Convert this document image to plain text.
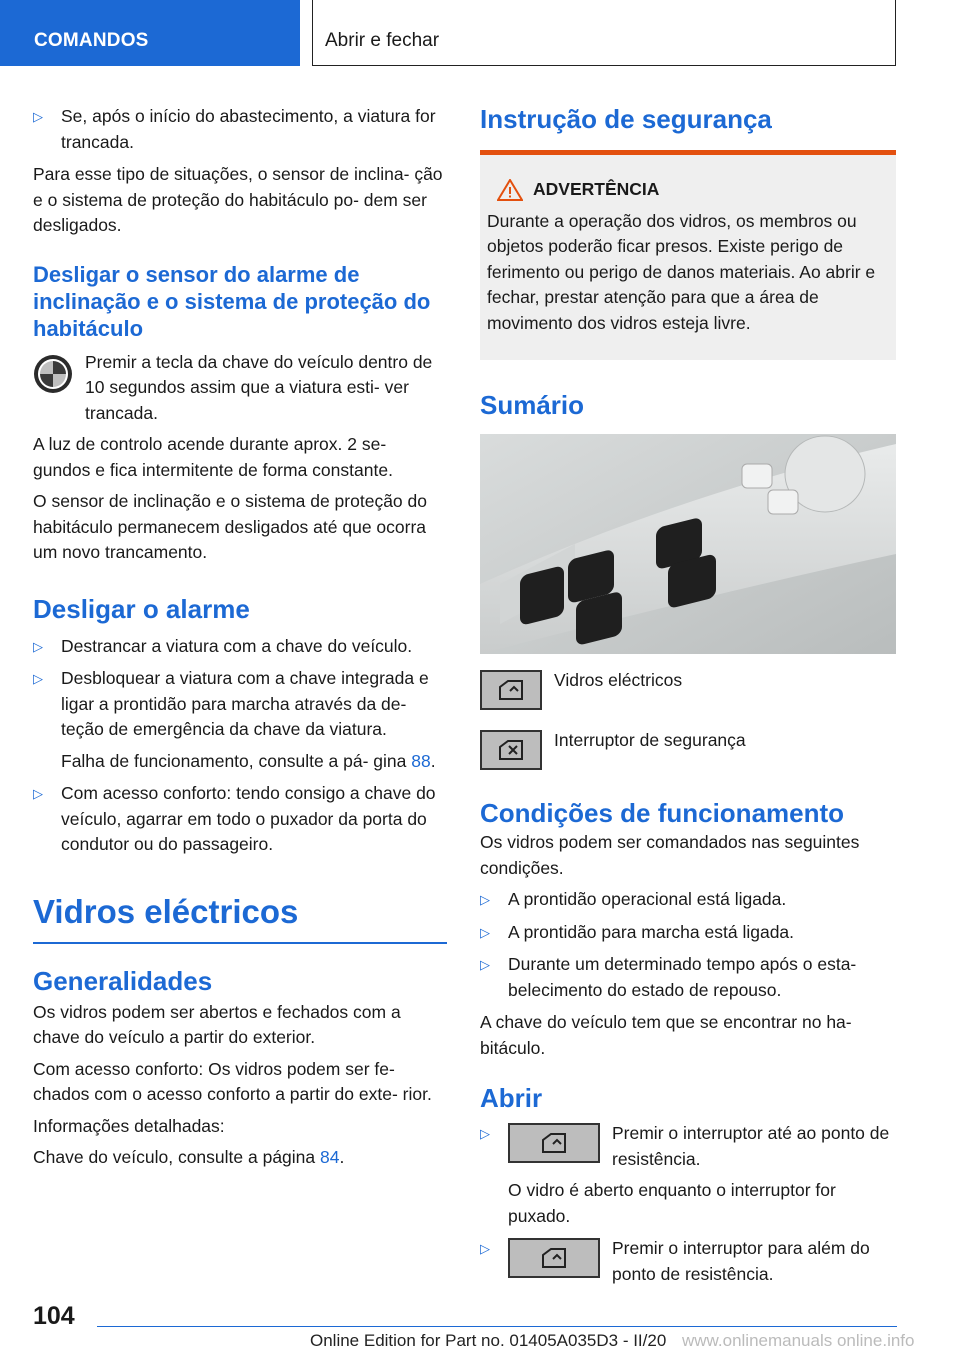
COMANDOS	Abrir e fechar
▷ Se, após o início do abastecimento, a viatura for trancada.

Para esse tipo de situações, o sensor de inclina‐ ção e o sistema de proteção do habitáculo po‐ dem ser desligados.

Desligar o sensor do alarme de inclinação e o sistema de proteção do habitáculo

Premir a tecla da chave do veículo dentro de 10 segundos assim que a viatura esti‐ ver trancada.

A luz de controlo acende durante aprox. 2 se‐ gundos e fica intermitente de forma constante.

O sensor de inclinação e o sistema de proteção do habitáculo permanecem desligados até que ocorra um novo trancamento.

Desligar o alarme
▷ Destrancar a viatura com a chave do veículo.
▷ Desbloquear a viatura com a chave integrada e ligar a prontidão para marcha através da de‐ teção de emergência da chave da viatura.
Falha de funcionamento, consulte a pá‐ gina 88.
▷ Com acesso conforto: tendo consigo a chave do veículo, agarrar em todo o puxador da porta do condutor ou do passageiro.
Vidros eléctricos
Generalidades

Os vidros podem ser abertos e fechados com a chave do veículo a partir do exterior.

Com acesso conforto: Os vidros podem ser fe‐ chados com o acesso conforto a partir do exte‐ rior.

Informações detalhadas:

Chave do veículo, consulte a página 84.

Instrução de segurança
ADVERTÊNCIA

Durante a operação dos vidros, os membros ou objetos poderão ficar presos. Existe perigo de ferimento ou perigo de danos materiais. Ao abrir e fechar, prestar atenção para que a área de movimento dos vidros esteja livre.

Sumário
Vidros eléctricos
Interruptor de segurança
Condições de funcionamento

Os vidros podem ser comandados nas seguintes condições.

▷ A prontidão operacional está ligada.
▷ A prontidão para marcha está ligada.
▷ Durante um determinado tempo após o esta‐ belecimento do estado de repouso.

A chave do veículo tem que se encontrar no ha‐ bitáculo.

Abrir
▷	Premir o interruptor até ao ponto de resistência.
O vidro é aberto enquanto o interruptor for puxado.
▷	Premir o interruptor para além do ponto de resistência.
104
Online Edition for Part no. 01405A035D3 - II/20 www.onlinemanuals online.info
